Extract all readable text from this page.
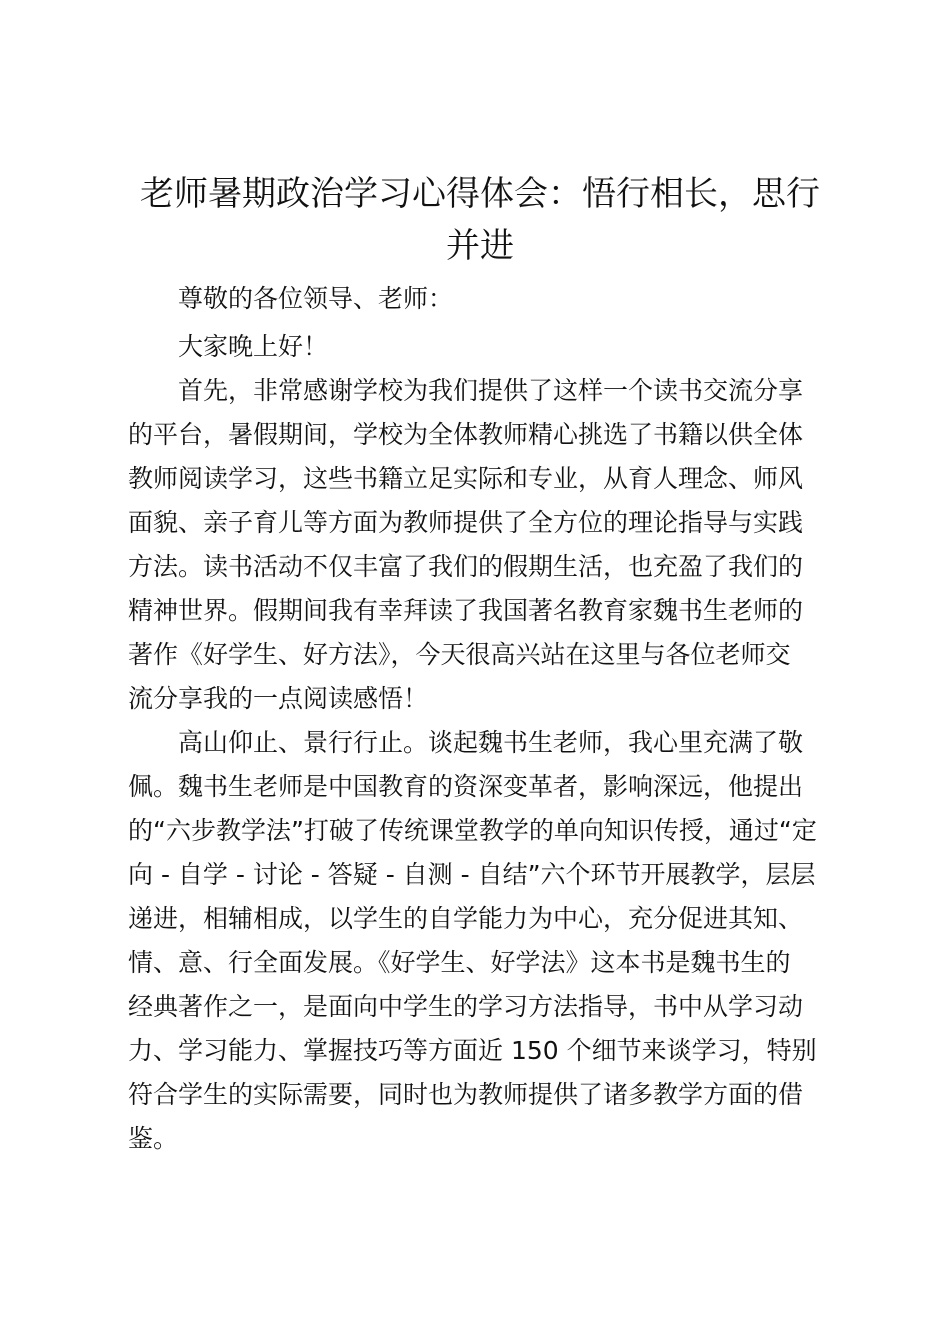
老师暑期政治学习心得体会：悟行相长，思行
并进
尊敬的各位领导、老师：
大家晚上好！
首先，非常感谢学校为我们提供了这样一个读书交流分享
的平台，暑假期间，学校为全体教师精心挑选了书籍以供全体
教师阅读学习，这些书籍立足实际和专业，从育人理念、师风
面貌、亲子育儿等方面为教师提供了全方位的理论指导与实践
方法。读书活动不仅丰富了我们的假期生活，也充盈了我们的
精神世界。假期间我有幸拜读了我国著名教育家魏书生老师的
著作《好学生、好方法》，今天很高兴站在这里与各位老师交
流分享我的一点阅读感悟！
高山仰止、景行行止。谈起魏书生老师，我心里充满了敬
佩。魏书生老师是中国教育的资深变革者，影响深远，他提出
的“六步教学法”打破了传统课堂教学的单向知识传授，通过“定
向 - 自学 - 讨论 - 答疑 - 自测 - 自结”六个环节开展教学，层层
递进，相辅相成，以学生的自学能力为中心，充分促进其知、
情、意、行全面发展。《好学生、好学法》这本书是魏书生的
经典著作之一，是面向中学生的学习方法指导，书中从学习动
力、学习能力、掌握技巧等方面近 150 个细节来谈学习，特别
符合学生的实际需要，同时也为教师提供了诸多教学方面的借
鉴。
